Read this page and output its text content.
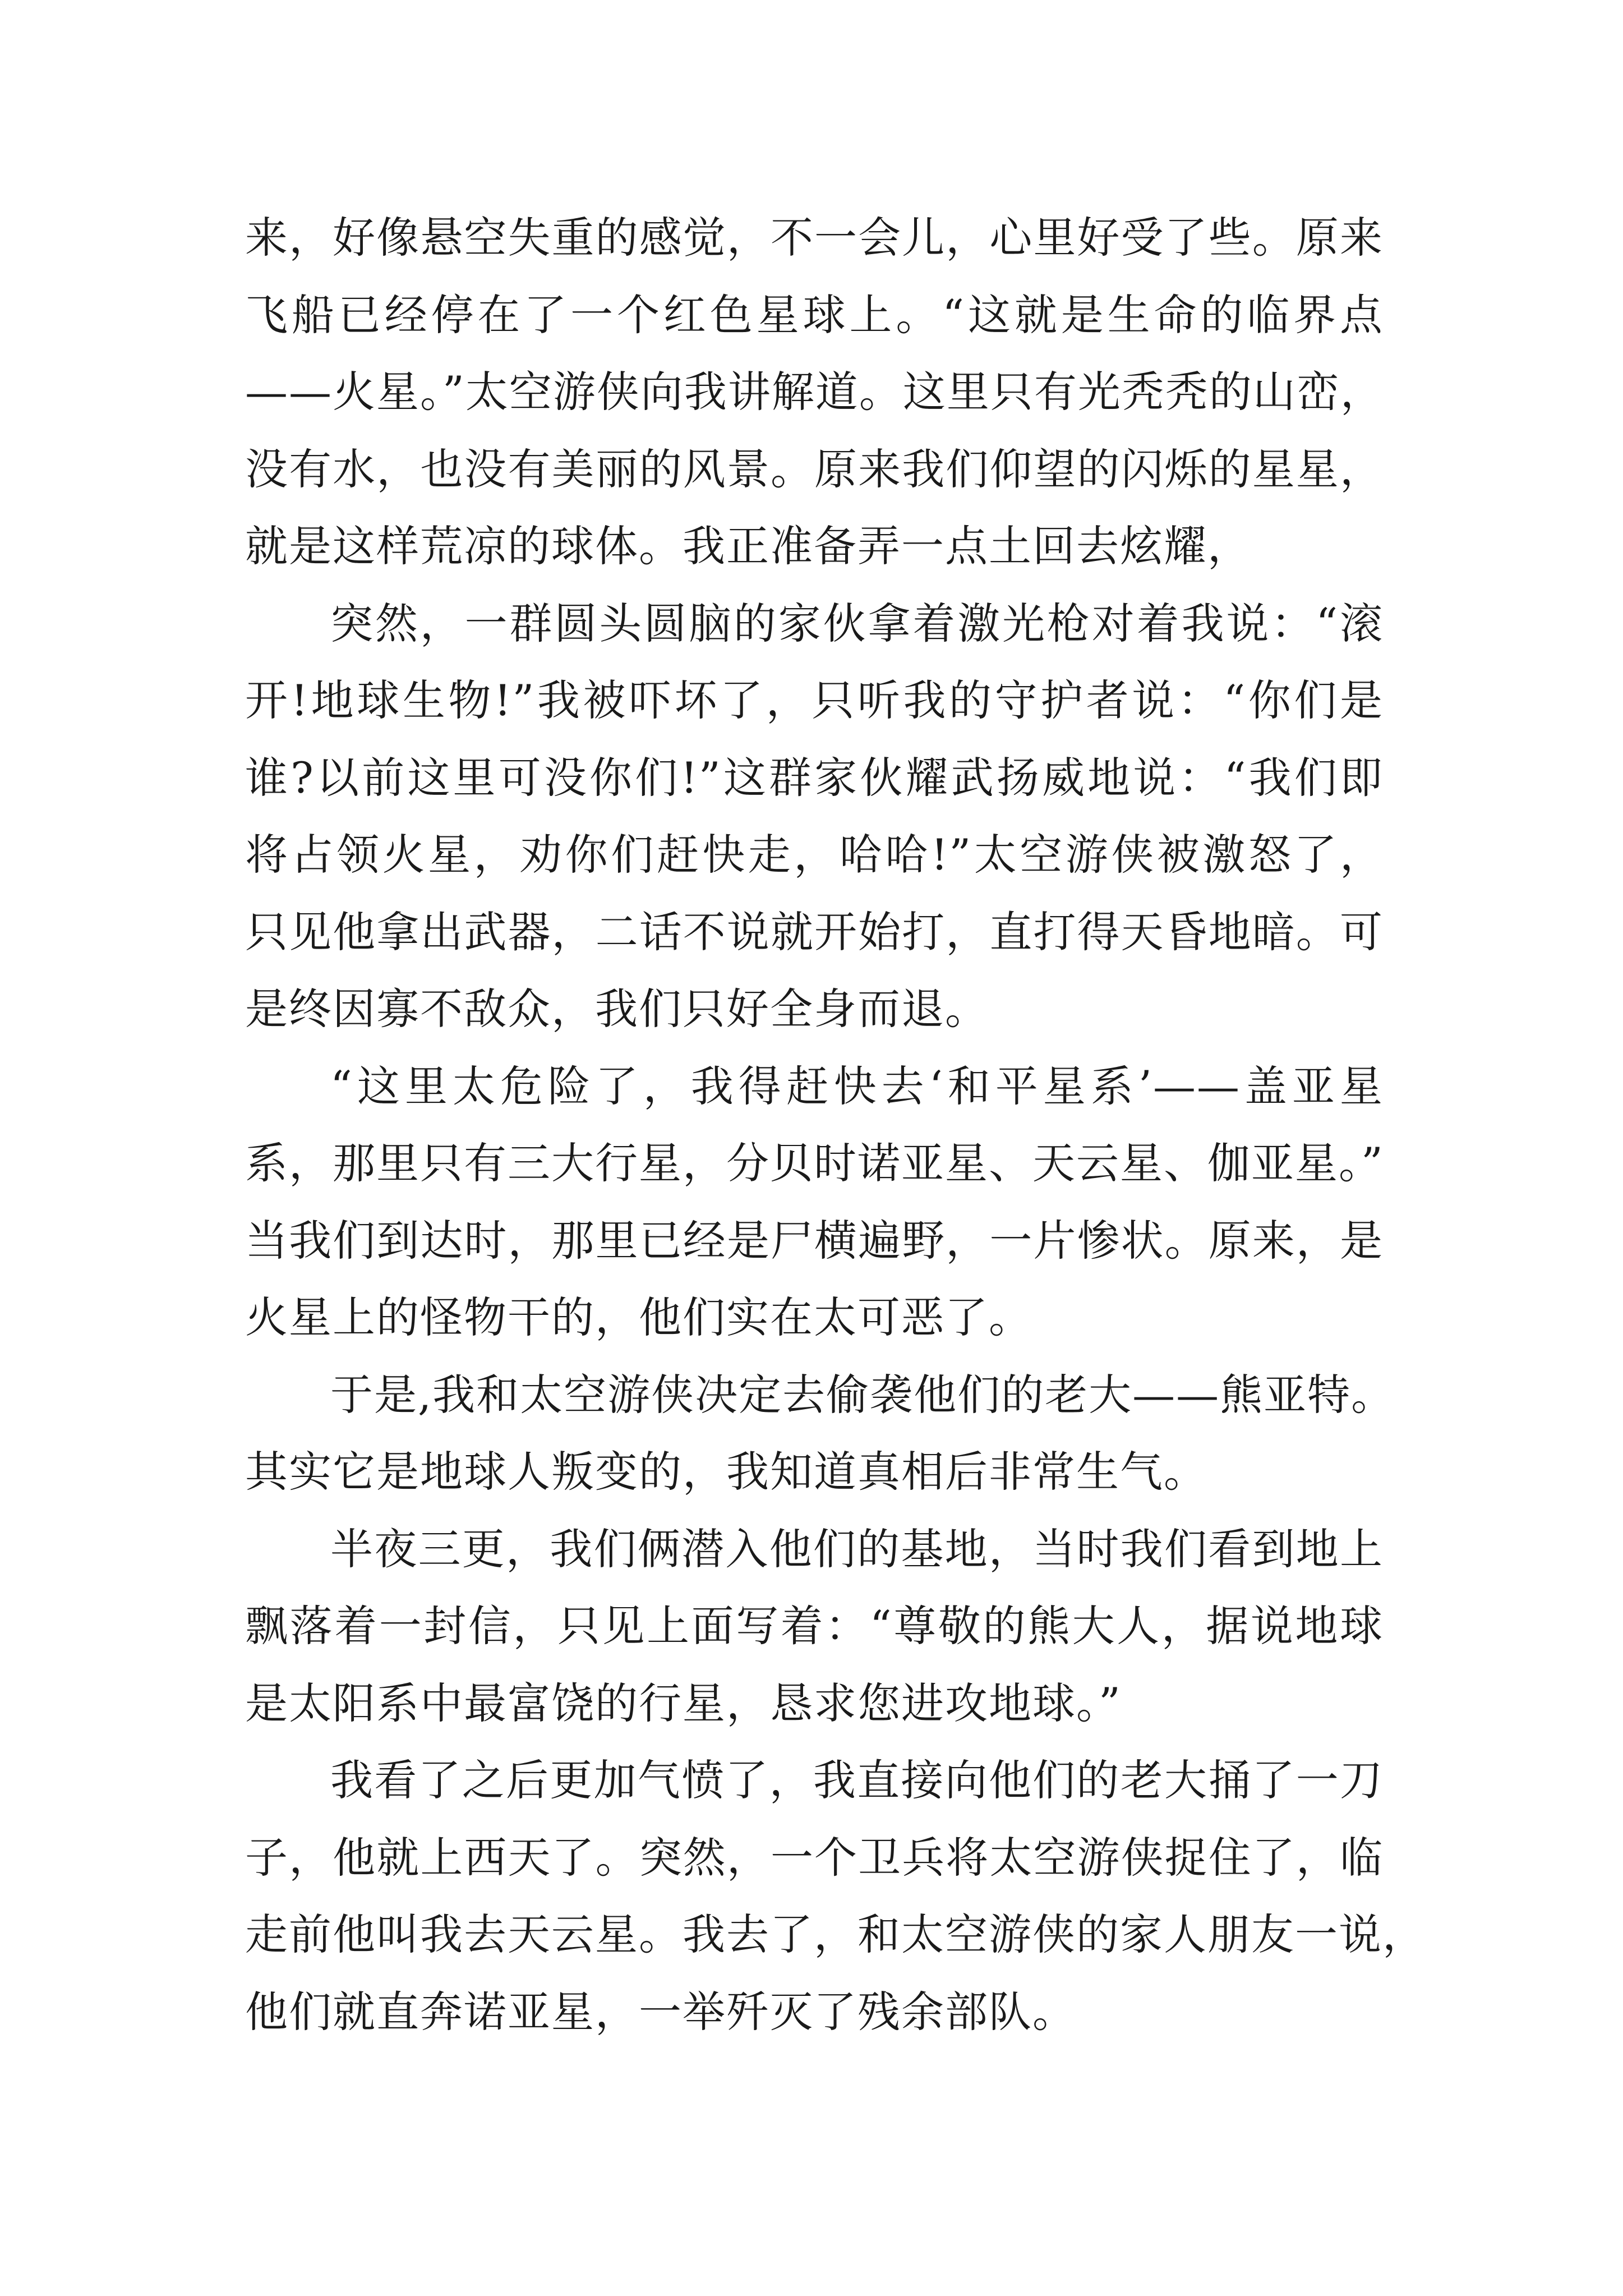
来，好像悬空失重的感觉，不一会儿，心里好受了些。原来
飞船已经停在了一个红色星球上。“这就是生命的临界点
——火星。”太空游侠向我讲解道。这里只有光秃秃的山峦，
没有水，也没有美丽的风景。原来我们仰望的闪烁的星星，
就是这样荒凉的球体。我正准备弄一点土回去炫耀，
突然，一群圆头圆脑的家伙拿着激光枪对着我说：“滚
开!地球生物!”我被吓坏了，只听我的守护者说：“你们是
谁?以前这里可没你们!”这群家伙耀武扬威地说：“我们即
将占领火星，劝你们赶快走，哈哈!”太空游侠被激怒了，
只见他拿出武器，二话不说就开始打，直打得天昏地暗。可
是终因寡不敌众，我们只好全身而退。
“这里太危险了，我得赶快去‘和平星系’——盖亚星
系，那里只有三大行星，分贝时诺亚星、天云星、伽亚星。”
当我们到达时，那里已经是尸横遍野，一片惨状。原来，是
火星上的怪物干的，他们实在太可恶了。
于是,我和太空游侠决定去偷袭他们的老大——熊亚特。
其实它是地球人叛变的，我知道真相后非常生气。
半夜三更，我们俩潜入他们的基地，当时我们看到地上
飘落着一封信，只见上面写着：“尊敬的熊大人，据说地球
是太阳系中最富饶的行星，恳求您进攻地球。”
我看了之后更加气愤了，我直接向他们的老大捅了一刀
子，他就上西天了。突然，一个卫兵将太空游侠捉住了，临
走前他叫我去天云星。我去了，和太空游侠的家人朋友一说，
他们就直奔诺亚星，一举歼灭了残余部队。
